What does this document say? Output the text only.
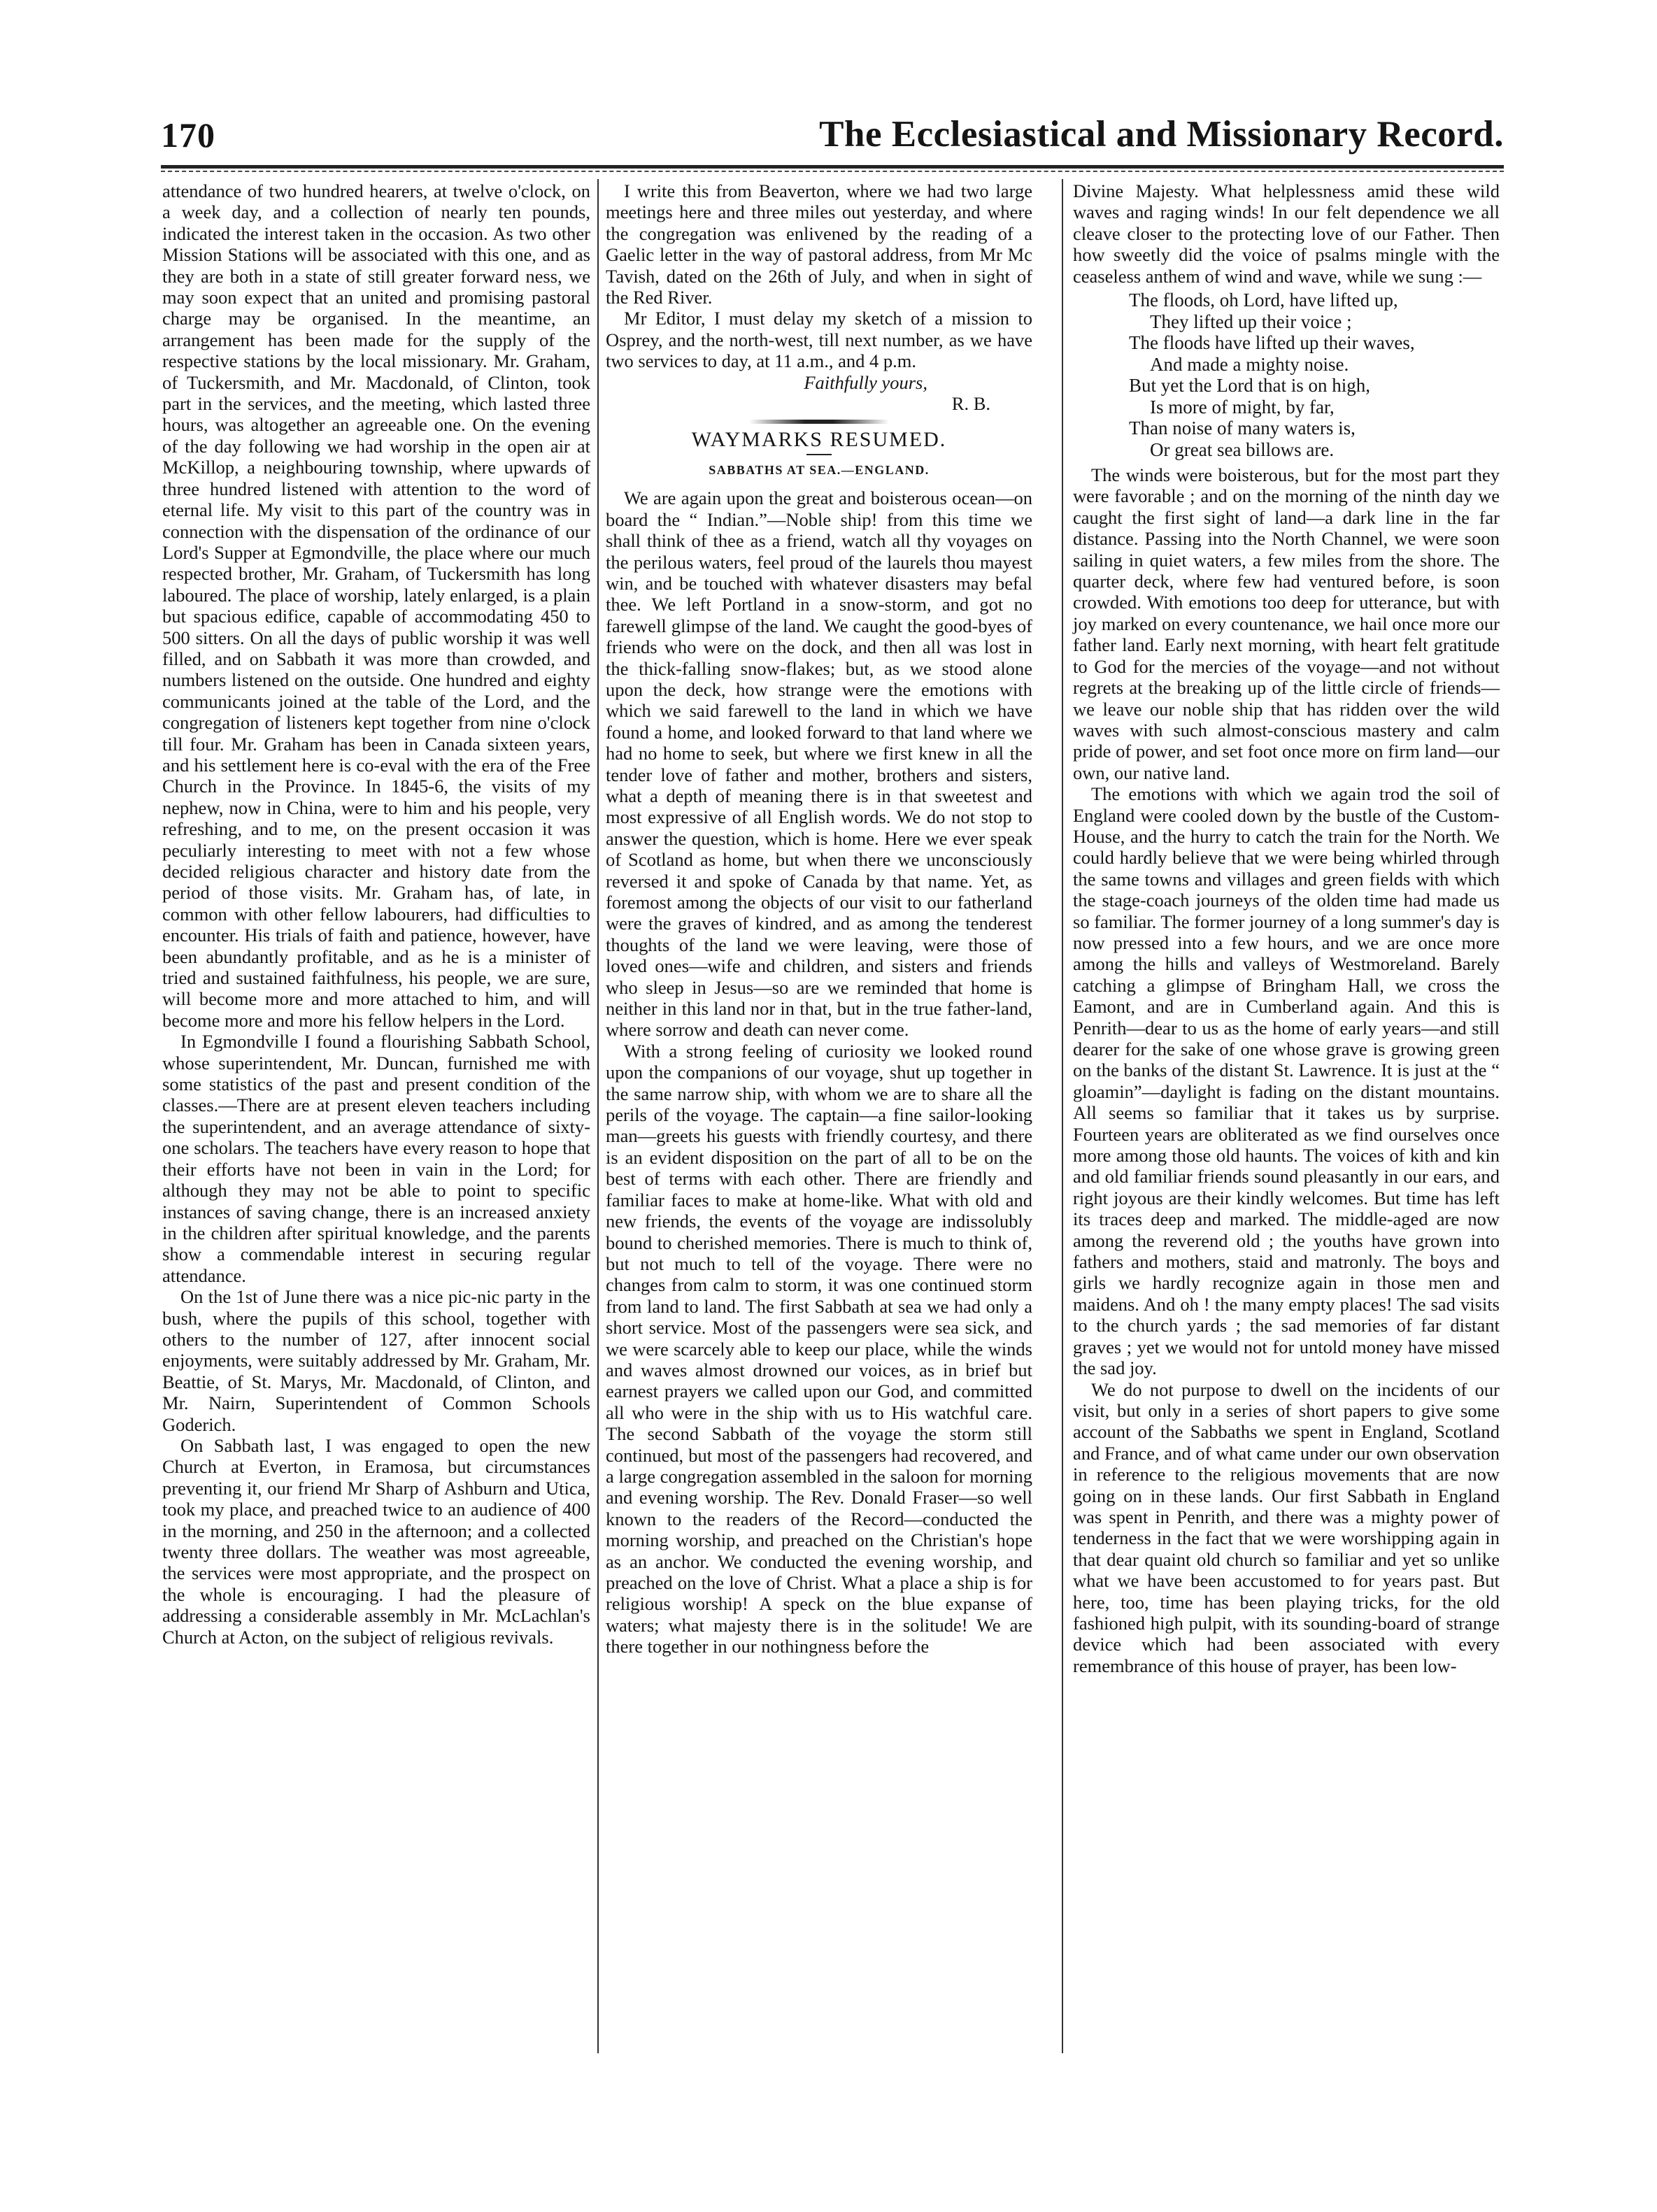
170	The Ecclesiastical and Missionary Record.

attendance of two hundred hearers, at twelve o'clock, on a week day, and a collection of nearly ten pounds, indicated the interest taken in the occasion. As two other Mission Stations will be associated with this one, and as they are both in a state of still greater forward ness, we may soon expect that an united and promising pastoral charge may be organised. In the meantime, an arrangement has been made for the supply of the respective stations by the local missionary. Mr. Graham, of Tuckersmith, and Mr. Macdonald, of Clinton, took part in the services, and the meeting, which lasted three hours, was altogether an agreeable one. On the evening of the day following we had worship in the open air at McKillop, a neighbouring township, where upwards of three hundred listened with attention to the word of eternal life. My visit to this part of the country was in connection with the dispensation of the ordinance of our Lord's Supper at Egmondville, the place where our much respected brother, Mr. Graham, of Tuckersmith has long laboured. The place of worship, lately enlarged, is a plain but spacious edifice, capable of accommodating 450 to 500 sitters. On all the days of public worship it was well filled, and on Sabbath it was more than crowded, and numbers listened on the outside. One hundred and eighty communicants joined at the table of the Lord, and the congregation of listeners kept together from nine o'clock till four. Mr. Graham has been in Canada sixteen years, and his settlement here is co-eval with the era of the Free Church in the Province. In 1845-6, the visits of my nephew, now in China, were to him and his people, very refreshing, and to me, on the present occasion it was peculiarly interesting to meet with not a few whose decided religious character and history date from the period of those visits. Mr. Graham has, of late, in common with other fellow labourers, had difficulties to encounter. His trials of faith and patience, however, have been abundantly profitable, and as he is a minister of tried and sustained faithfulness, his people, we are sure, will become more and more attached to him, and will become more and more his fellow helpers in the Lord.

In Egmondville I found a flourishing Sabbath School, whose superintendent, Mr. Duncan, furnished me with some statistics of the past and present condition of the classes.—There are at present eleven teachers including the superintendent, and an average attendance of sixty-one scholars. The teachers have every reason to hope that their efforts have not been in vain in the Lord; for although they may not be able to point to specific instances of saving change, there is an increased anxiety in the children after spiritual knowledge, and the parents show a commendable interest in securing regular attendance.

On the 1st of June there was a nice pic-nic party in the bush, where the pupils of this school, together with others to the number of 127, after innocent social enjoyments, were suitably addressed by Mr. Graham, Mr. Beattie, of St. Marys, Mr. Macdonald, of Clinton, and Mr. Nairn, Superintendent of Common Schools Goderich.

On Sabbath last, I was engaged to open the new Church at Everton, in Eramosa, but circumstances preventing it, our friend Mr Sharp of Ashburn and Utica, took my place, and preached twice to an audience of 400 in the morning, and 250 in the afternoon; and a collected twenty three dollars. The weather was most agreeable, the services were most appropriate, and the prospect on the whole is encouraging. I had the pleasure of addressing a considerable assembly in Mr. McLachlan's Church at Acton, on the subject of religious revivals.

I write this from Beaverton, where we had two large meetings here and three miles out yesterday, and where the congregation was enlivened by the reading of a Gaelic letter in the way of pastoral address, from Mr Mc Tavish, dated on the 26th of July, and when in sight of the Red River.

Mr Editor, I must delay my sketch of a mission to Osprey, and the north-west, till next number, as we have two services to day, at 11 a.m., and 4 p.m.

Faithfully yours,
R. B.
WAYMARKS RESUMED.
SABBATHS AT SEA.—ENGLAND.

We are again upon the great and boisterous ocean—on board the “ Indian.”—Noble ship! from this time we shall think of thee as a friend, watch all thy voyages on the perilous waters, feel proud of the laurels thou mayest win, and be touched with whatever disasters may befal thee. We left Portland in a snow-storm, and got no farewell glimpse of the land. We caught the good-byes of friends who were on the dock, and then all was lost in the thick-falling snow-flakes; but, as we stood alone upon the deck, how strange were the emotions with which we said farewell to the land in which we have found a home, and looked forward to that land where we had no home to seek, but where we first knew in all the tender love of father and mother, brothers and sisters, what a depth of meaning there is in that sweetest and most expressive of all English words. We do not stop to answer the question, which is home. Here we ever speak of Scotland as home, but when there we unconsciously reversed it and spoke of Canada by that name. Yet, as foremost among the objects of our visit to our fatherland were the graves of kindred, and as among the tenderest thoughts of the land we were leaving, were those of loved ones—wife and children, and sisters and friends who sleep in Jesus—so are we reminded that home is neither in this land nor in that, but in the true father-land, where sorrow and death can never come.

With a strong feeling of curiosity we looked round upon the companions of our voyage, shut up together in the same narrow ship, with whom we are to share all the perils of the voyage. The captain—a fine sailor-looking man—greets his guests with friendly courtesy, and there is an evident disposition on the part of all to be on the best of terms with each other. There are friendly and familiar faces to make at home-like. What with old and new friends, the events of the voyage are indissolubly bound to cherished memories. There is much to think of, but not much to tell of the voyage. There were no changes from calm to storm, it was one continued storm from land to land. The first Sabbath at sea we had only a short service. Most of the passengers were sea sick, and we were scarcely able to keep our place, while the winds and waves almost drowned our voices, as in brief but earnest prayers we called upon our God, and committed all who were in the ship with us to His watchful care. The second Sabbath of the voyage the storm still continued, but most of the passengers had recovered, and a large congregation assembled in the saloon for morning and evening worship. The Rev. Donald Fraser—so well known to the readers of the Record—conducted the morning worship, and preached on the Christian's hope as an anchor. We conducted the evening worship, and preached on the love of Christ. What a place a ship is for religious worship! A speck on the blue expanse of waters; what majesty there is in the solitude! We are there together in our nothingness before the

Divine Majesty. What helplessness amid these wild waves and raging winds! In our felt dependence we all cleave closer to the protecting love of our Father. Then how sweetly did the voice of psalms mingle with the ceaseless anthem of wind and wave, while we sung :—

The floods, oh Lord, have lifted up,
They lifted up their voice ;
The floods have lifted up their waves,
And made a mighty noise.
But yet the Lord that is on high,
Is more of might, by far,
Than noise of many waters is,
Or great sea billows are.

The winds were boisterous, but for the most part they were favorable ; and on the morning of the ninth day we caught the first sight of land—a dark line in the far distance. Passing into the North Channel, we were soon sailing in quiet waters, a few miles from the shore. The quarter deck, where few had ventured before, is soon crowded. With emotions too deep for utterance, but with joy marked on every countenance, we hail once more our father land. Early next morning, with heart felt gratitude to God for the mercies of the voyage—and not without regrets at the breaking up of the little circle of friends—we leave our noble ship that has ridden over the wild waves with such almost-conscious mastery and calm pride of power, and set foot once more on firm land—our own, our native land.

The emotions with which we again trod the soil of England were cooled down by the bustle of the Custom-House, and the hurry to catch the train for the North. We could hardly believe that we were being whirled through the same towns and villages and green fields with which the stage-coach journeys of the olden time had made us so familiar. The former journey of a long summer's day is now pressed into a few hours, and we are once more among the hills and valleys of Westmoreland. Barely catching a glimpse of Bringham Hall, we cross the Eamont, and are in Cumberland again. And this is Penrith—dear to us as the home of early years—and still dearer for the sake of one whose grave is growing green on the banks of the distant St. Lawrence. It is just at the “ gloamin”—daylight is fading on the distant mountains. All seems so familiar that it takes us by surprise. Fourteen years are obliterated as we find ourselves once more among those old haunts. The voices of kith and kin and old familiar friends sound pleasantly in our ears, and right joyous are their kindly welcomes. But time has left its traces deep and marked. The middle-aged are now among the reverend old ; the youths have grown into fathers and mothers, staid and matronly. The boys and girls we hardly recognize again in those men and maidens. And oh ! the many empty places! The sad visits to the church yards ; the sad memories of far distant graves ; yet we would not for untold money have missed the sad joy.

We do not purpose to dwell on the incidents of our visit, but only in a series of short papers to give some account of the Sabbaths we spent in England, Scotland and France, and of what came under our own observation in reference to the religious movements that are now going on in these lands. Our first Sabbath in England was spent in Penrith, and there was a mighty power of tenderness in the fact that we were worshipping again in that dear quaint old church so familiar and yet so unlike what we have been accustomed to for years past. But here, too, time has been playing tricks, for the old fashioned high pulpit, with its sounding-board of strange device which had been associated with every remembrance of this house of prayer, has been low-
